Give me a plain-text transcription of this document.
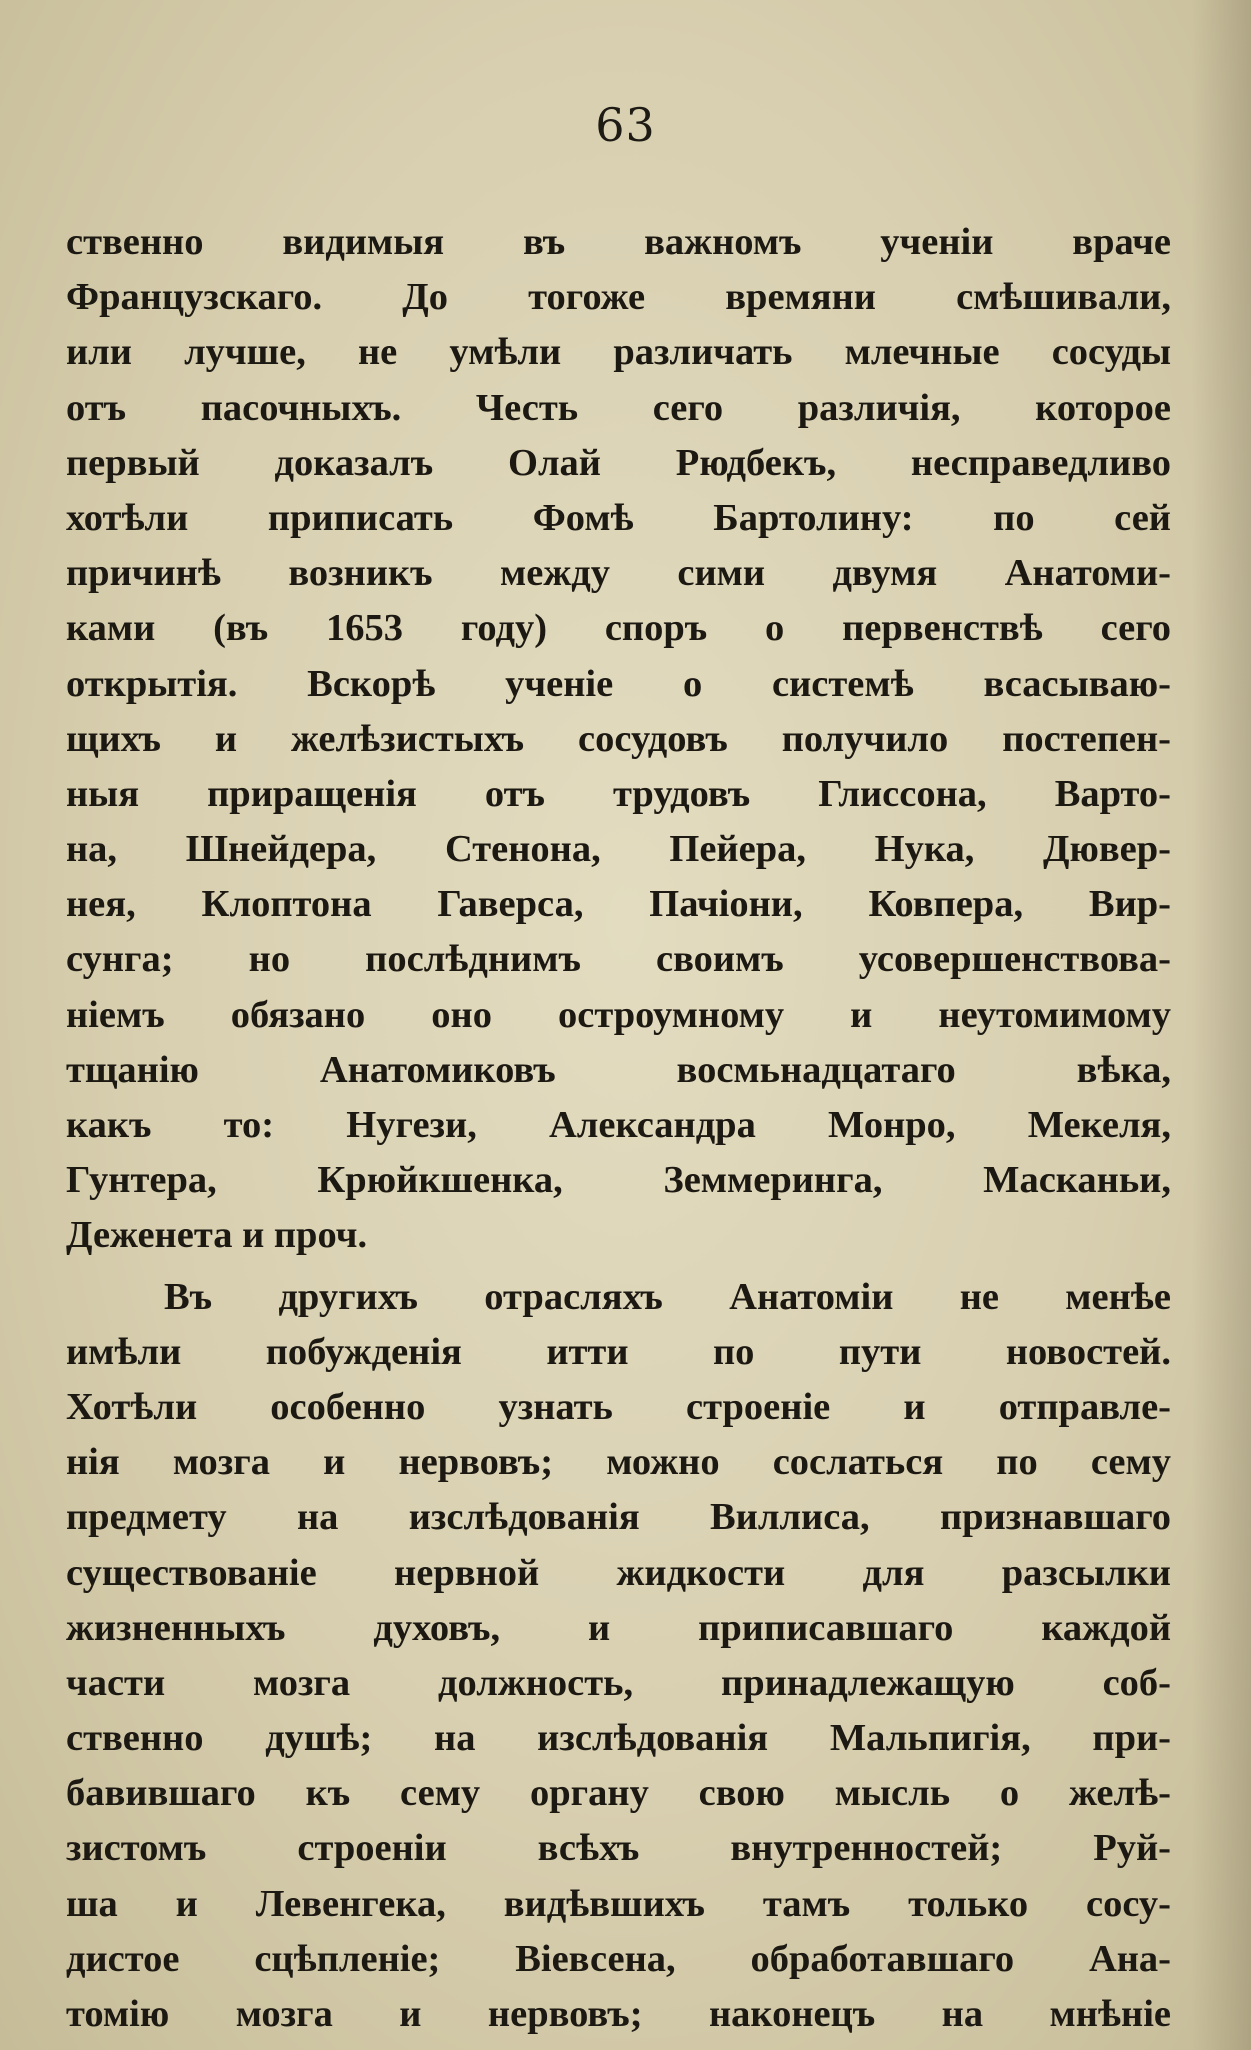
63
ственно видимыя въ важномъ ученіи враче
Французскаго. До тогоже времяни смѣшивали,
или лучше, не умѣли различать млечные сосуды
отъ пасочныхъ. Честь сего различія, которое
первый доказалъ Олай Рюдбекъ, несправедливо
хотѣли приписать Фомѣ Бартолину: по сей
причинѣ возникъ между сими двумя Анатоми-
ками (въ 1653 году) споръ о первенствѣ сего
открытія. Вскорѣ ученіе о системѣ всасываю-
щихъ и желѣзистыхъ сосудовъ получило постепен-
ныя приращенія отъ трудовъ Глиссона, Варто-
на, Шнейдера, Стенона, Пейера, Нука, Дювер-
нея, Клоптона Гаверса, Пачіони, Ковпера, Вир-
сунга; но послѣднимъ своимъ усовершенствова-
ніемъ обязано оно остроумному и неутомимому
тщанію Анатомиковъ восмьнадцатаго вѣка,
какъ то: Нугези, Александра Монро, Мекеля,
Гунтера, Крюйкшенка, Земмеринга, Масканьи,
Деженета и проч.
Въ другихъ отрасляхъ Анатоміи не менѣе
имѣли побужденія итти по пути новостей.
Хотѣли особенно узнать строеніе и отправле-
нія мозга и нервовъ; можно сослаться по сему
предмету на изслѣдованія Виллиса, признавшаго
существованіе нервной жидкости для разсылки
жизненныхъ духовъ, и приписавшаго каждой
части мозга должность, принадлежащую соб-
ственно душѣ; на изслѣдованія Мальпигія, при-
бавившаго къ сему органу свою мысль о желѣ-
зистомъ строеніи всѣхъ внутренностей; Руй-
ша и Левенгека, видѣвшихъ тамъ только сосу-
дистое сцѣпленіе; Віевсена, обработавшаго Ана-
томію мозга и нервовъ; наконецъ на мнѣніе
